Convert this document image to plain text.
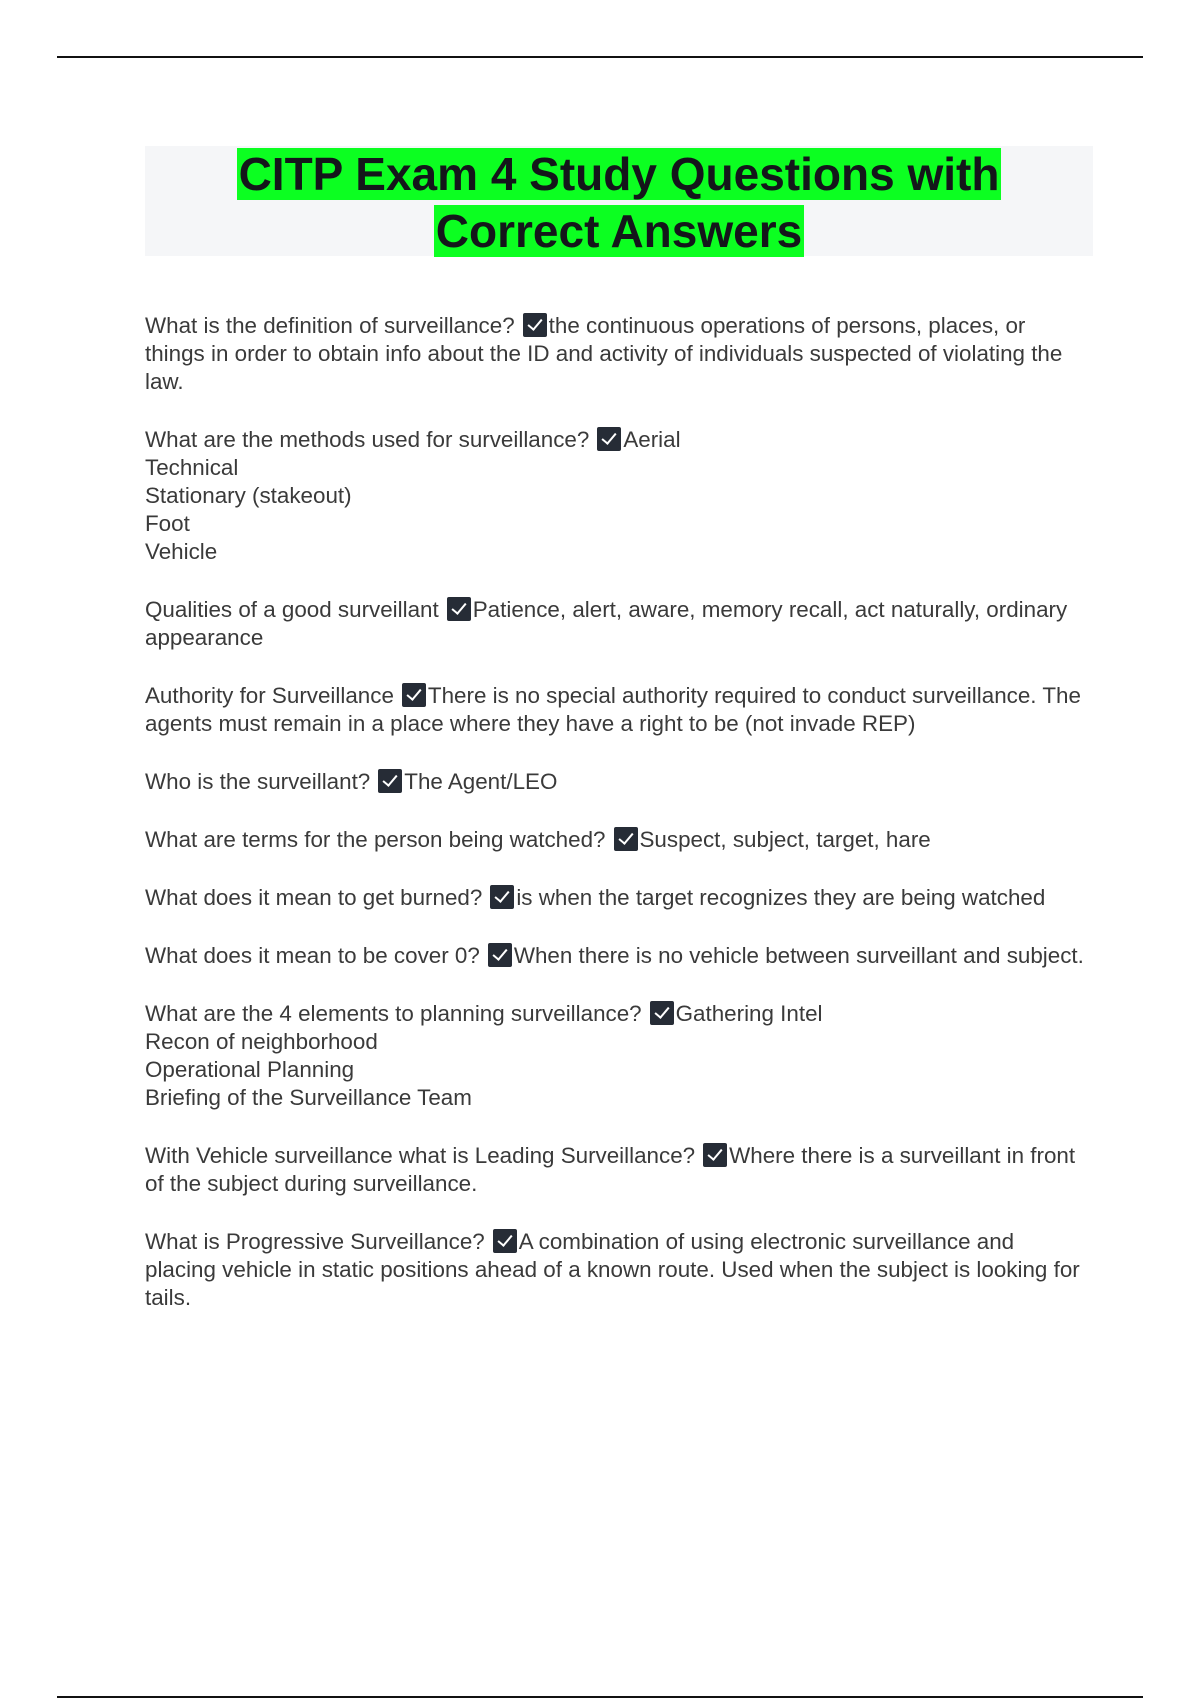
CITP Exam 4 Study Questions with
Correct Answers
What is the definition of surveillance? the continuous operations of persons, places, or things in order to obtain info about the ID and activity of individuals suspected of violating the law.
What are the methods used for surveillance? Aerial
Technical
Stationary (stakeout)
Foot
Vehicle
Qualities of a good surveillant Patience, alert, aware, memory recall, act naturally, ordinary appearance
Authority for Surveillance There is no special authority required to conduct surveillance. The agents must remain in a place where they have a right to be (not invade REP)
Who is the surveillant? The Agent/LEO
What are terms for the person being watched? Suspect, subject, target, hare
What does it mean to get burned? is when the target recognizes they are being watched
What does it mean to be cover 0? When there is no vehicle between surveillant and subject.
What are the 4 elements to planning surveillance? Gathering Intel
Recon of neighborhood
Operational Planning
Briefing of the Surveillance Team
With Vehicle surveillance what is Leading Surveillance? Where there is a surveillant in front of the subject during surveillance.
What is Progressive Surveillance? A combination of using electronic surveillance and placing vehicle in static positions ahead of a known route. Used when the subject is looking for tails.
